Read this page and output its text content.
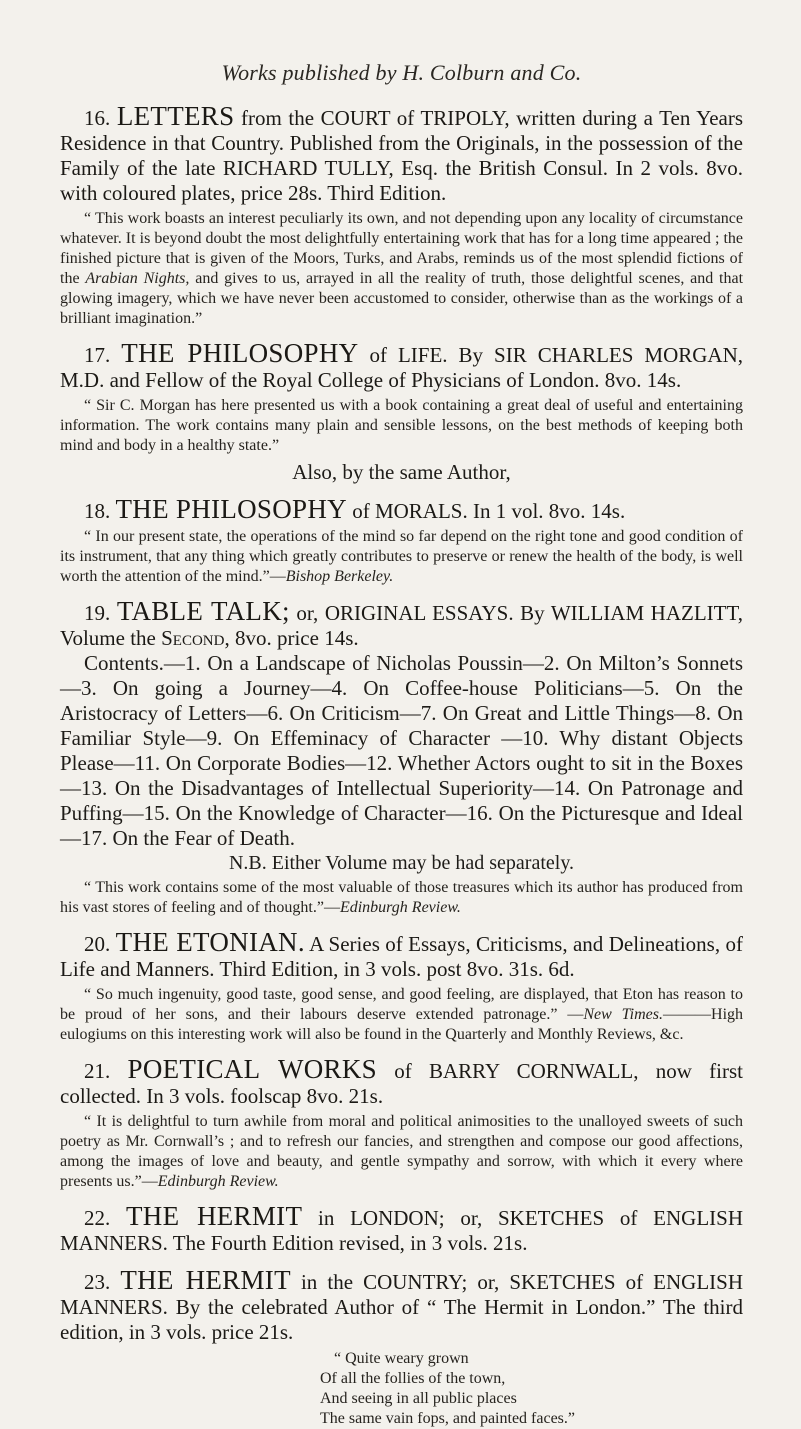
Works published by H. Colburn and Co.

16. LETTERS from the COURT of TRIPOLY, written during a Ten Years Residence in that Country. Published from the Originals, in the possession of the Family of the late RICHARD TULLY, Esq. the British Consul. In 2 vols. 8vo. with coloured plates, price 28s. Third Edition.

“ This work boasts an interest peculiarly its own, and not depending upon any locality of circumstance whatever. It is beyond doubt the most delightfully entertaining work that has for a long time appeared ; the finished picture that is given of the Moors, Turks, and Arabs, reminds us of the most splendid fictions of the Arabian Nights, and gives to us, arrayed in all the reality of truth, those delightful scenes, and that glowing imagery, which we have never been accustomed to consider, otherwise than as the workings of a brilliant imagination.”

17. THE PHILOSOPHY of LIFE. By SIR CHARLES MORGAN, M.D. and Fellow of the Royal College of Physicians of London. 8vo. 14s.

“ Sir C. Morgan has here presented us with a book containing a great deal of useful and entertaining information. The work contains many plain and sensible lessons, on the best methods of keeping both mind and body in a healthy state.”

Also, by the same Author,

18. THE PHILOSOPHY of MORALS. In 1 vol. 8vo. 14s.

“ In our present state, the operations of the mind so far depend on the right tone and good condition of its instrument, that any thing which greatly contributes to preserve or renew the health of the body, is well worth the attention of the mind.”—Bishop Berkeley.

19. TABLE TALK; or, ORIGINAL ESSAYS. By WILLIAM HAZLITT, Volume the Second, 8vo. price 14s.

Contents.—1. On a Landscape of Nicholas Poussin—2. On Milton’s Sonnets—3. On going a Journey—4. On Coffee-house Politicians—5. On the Aristocracy of Letters—6. On Criticism—7. On Great and Little Things—8. On Familiar Style—9. On Effeminacy of Character —10. Why distant Objects Please—11. On Corporate Bodies—12. Whether Actors ought to sit in the Boxes—13. On the Disadvantages of Intellectual Superiority—14. On Patronage and Puffing—15. On the Knowledge of Character—16. On the Picturesque and Ideal—17. On the Fear of Death.

N.B. Either Volume may be had separately.

“ This work contains some of the most valuable of those treasures which its author has produced from his vast stores of feeling and of thought.”—Edinburgh Review.

20. THE ETONIAN. A Series of Essays, Criticisms, and Delineations, of Life and Manners. Third Edition, in 3 vols. post 8vo. 31s. 6d.

“ So much ingenuity, good taste, good sense, and good feeling, are displayed, that Eton has reason to be proud of her sons, and their labours deserve extended patronage.” —New Times.———High eulogiums on this interesting work will also be found in the Quarterly and Monthly Reviews, &c.

21. POETICAL WORKS of BARRY CORNWALL, now first collected. In 3 vols. foolscap 8vo. 21s.

“ It is delightful to turn awhile from moral and political animosities to the unalloyed sweets of such poetry as Mr. Cornwall’s ; and to refresh our fancies, and strengthen and compose our good affections, among the images of love and beauty, and gentle sympathy and sorrow, with which it every where presents us.”—Edinburgh Review.

22. THE HERMIT in LONDON; or, SKETCHES of ENGLISH MANNERS. The Fourth Edition revised, in 3 vols. 21s.

23. THE HERMIT in the COUNTRY; or, SKETCHES of ENGLISH MANNERS. By the celebrated Author of “ The Hermit in London.” The third edition, in 3 vols. price 21s.

“ Quite weary grown
Of all the follies of the town,
And seeing in all public places
The same vain fops, and painted faces.”
